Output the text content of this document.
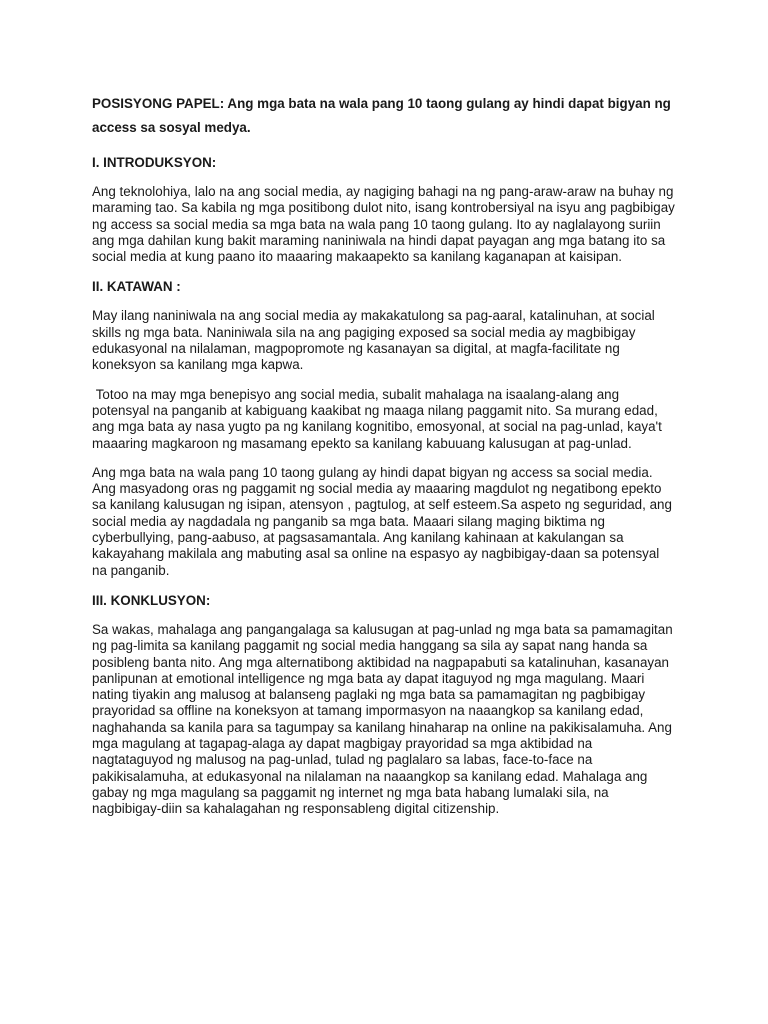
POSISYONG PAPEL: Ang mga bata na wala pang 10 taong gulang ay hindi dapat bigyan ng access sa sosyal medya.
I. INTRODUKSYON:

Ang teknolohiya, lalo na ang social media, ay nagiging bahagi na ng pang-araw-araw na buhay ng maraming tao. Sa kabila ng mga positibong dulot nito, isang kontrobersiyal na isyu ang pagbibigay ng access sa social media sa mga bata na wala pang 10 taong gulang. Ito ay naglalayong suriin ang mga dahilan kung bakit maraming naniniwala na hindi dapat payagan ang mga batang ito sa social media at kung paano ito maaaring makaapekto sa kanilang kaganapan at kaisipan.

II. KATAWAN :

May ilang naniniwala na ang social media ay makakatulong sa pag-aaral, katalinuhan, at social skills ng mga bata. Naniniwala sila na ang pagiging exposed sa social media ay magbibigay edukasyonal na nilalaman, magpopromote ng kasanayan sa digital, at magfa-facilitate ng koneksyon sa kanilang mga kapwa.

Totoo na may mga benepisyo ang social media, subalit mahalaga na isaalang-alang ang potensyal na panganib at kabiguang kaakibat ng maaga nilang paggamit nito. Sa murang edad, ang mga bata ay nasa yugto pa ng kanilang kognitibo, emosyonal, at social na pag-unlad, kaya't maaaring magkaroon ng masamang epekto sa kanilang kabuuang kalusugan at pag-unlad.

Ang mga bata na wala pang 10 taong gulang ay hindi dapat bigyan ng access sa social media. Ang masyadong oras ng paggamit ng social media ay maaaring magdulot ng negatibong epekto sa kanilang kalusugan ng isipan, atensyon , pagtulog, at self esteem.Sa aspeto ng seguridad, ang social media ay nagdadala ng panganib sa mga bata. Maaari silang maging biktima ng cyberbullying, pang-aabuso, at pagsasamantala. Ang kanilang kahinaan at kakulangan sa kakayahang makilala ang mabuting asal sa online na espasyo ay nagbibigay-daan sa potensyal na panganib.

III. KONKLUSYON:

Sa wakas, mahalaga ang pangangalaga sa kalusugan at pag-unlad ng mga bata sa pamamagitan ng pag-limita sa kanilang paggamit ng social media hanggang sa sila ay sapat nang handa sa posibleng banta nito. Ang mga alternatibong aktibidad na nagpapabuti sa katalinuhan, kasanayan panlipunan at emotional intelligence ng mga bata ay dapat itaguyod ng mga magulang. Maari nating tiyakin ang malusog at balanseng paglaki ng mga bata sa pamamagitan ng pagbibigay prayoridad sa offline na koneksyon at tamang impormasyon na naaangkop sa kanilang edad, naghahanda sa kanila para sa tagumpay sa kanilang hinaharap na online na pakikisalamuha. Ang mga magulang at tagapag-alaga ay dapat magbigay prayoridad sa mga aktibidad na nagtataguyod ng malusog na pag-unlad, tulad ng paglalaro sa labas, face-to-face na pakikisalamuha, at edukasyonal na nilalaman na naaangkop sa kanilang edad. Mahalaga ang gabay ng mga magulang sa paggamit ng internet ng mga bata habang lumalaki sila, na nagbibigay-diin sa kahalagahan ng responsableng digital citizenship.
